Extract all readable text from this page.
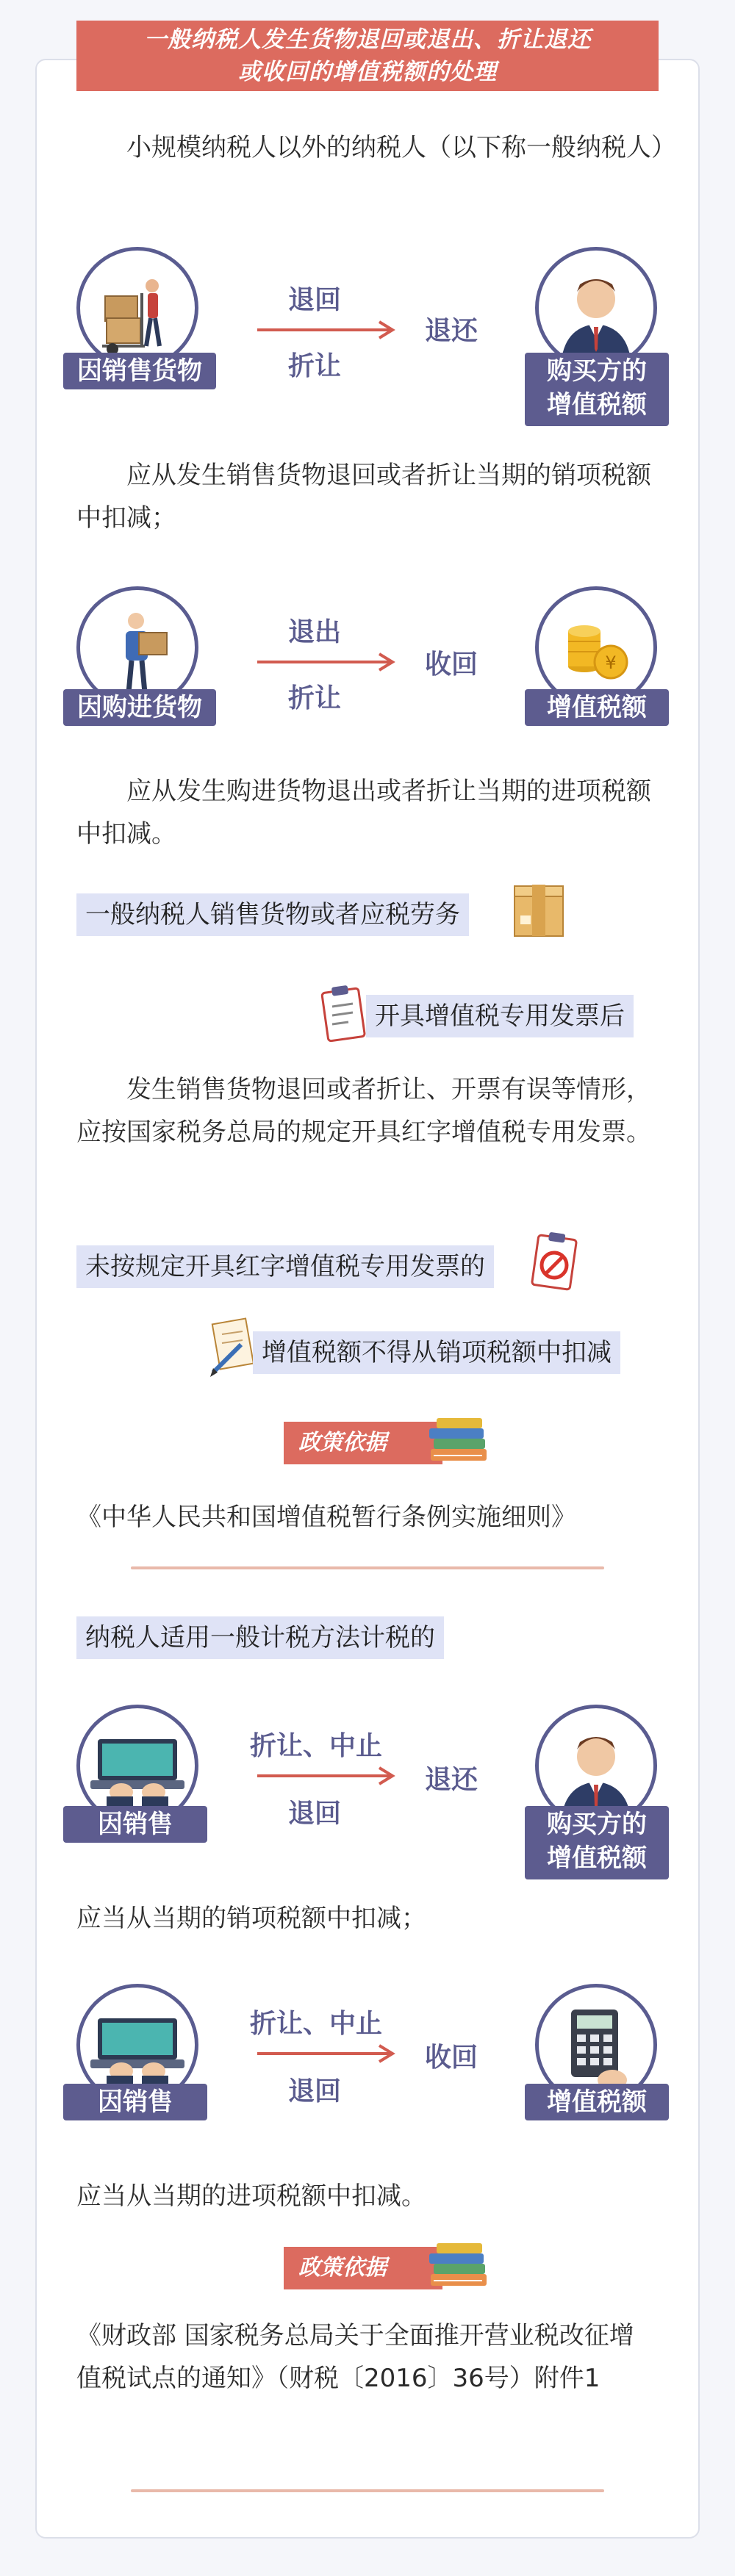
一般纳税人发生货物退回或退出、折让退还
或收回的增值税额的处理
小规模纳税人以外的纳税人（以下称一般纳税人）
因销售货物
退回
折让
退还
购买方的
增值税额
应从发生销售货物退回或者折让当期的销项税额中扣减；
因购进货物
退出
折让
收回	¥
增值税额
应从发生购进货物退出或者折让当期的进项税额中扣减。
一般纳税人销售货物或者应税劳务
开具增值税专用发票后
发生销售货物退回或者折让、开票有误等情形，应按国家税务总局的规定开具红字增值税专用发票。
未按规定开具红字增值税专用发票的
增值税额不得从销项税额中扣减
政策依据
《中华人民共和国增值税暂行条例实施细则》
纳税人适用一般计税方法计税的
因销售
折让、中止
退回
退还
购买方的
增值税额
应当从当期的销项税额中扣减；
因销售
折让、中止
退回
收回
增值税额
应当从当期的进项税额中扣减。
政策依据
《财政部 国家税务总局关于全面推开营业税改征增值税试点的通知》（财税〔2016〕36号）附件1
